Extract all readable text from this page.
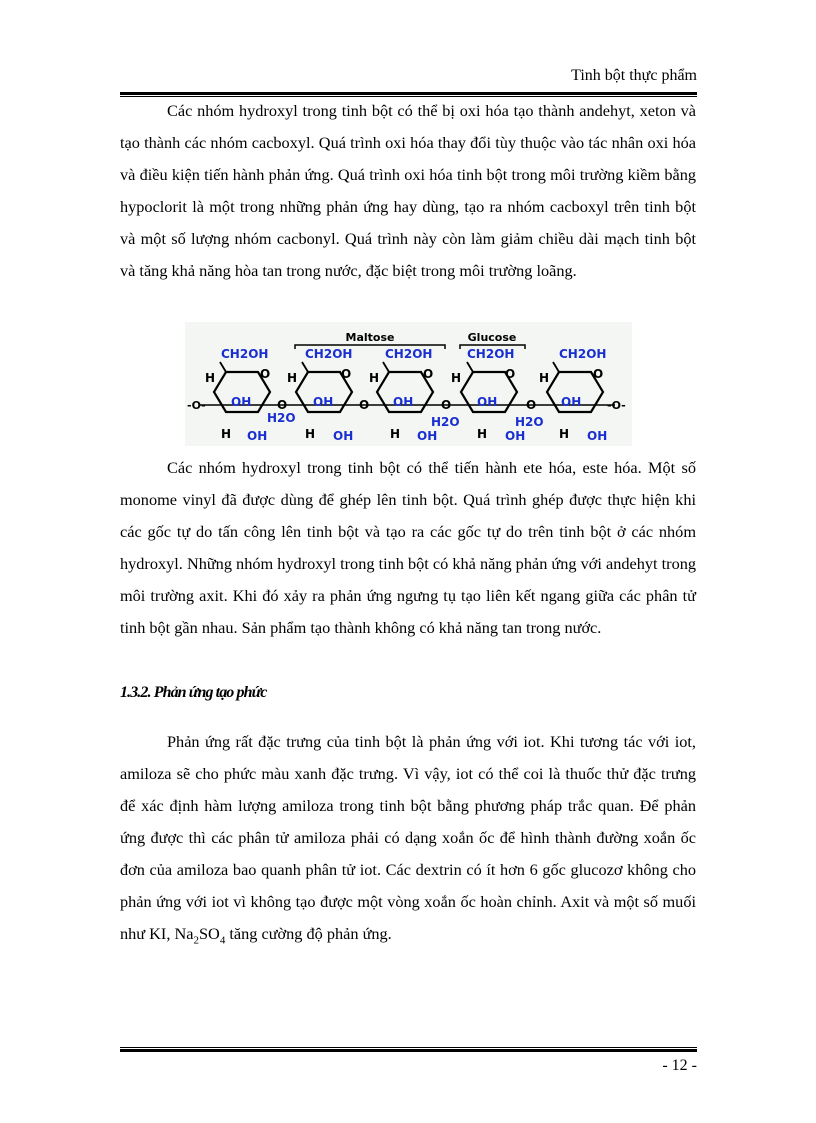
Tinh bột thực phẩm

Các nhóm hydroxyl trong tinh bột có thể bị oxi hóa tạo thành andehyt, xeton và tạo thành các nhóm cacboxyl. Quá trình oxi hóa thay đổi tùy thuộc vào tác nhân oxi hóa và điều kiện tiến hành phản ứng. Quá trình oxi hóa tinh bột trong môi trường kiềm bằng hypoclorit là một trong những phản ứng hay dùng, tạo ra nhóm cacboxyl trên tinh bột và một số lượng nhóm cacbonyl. Quá trình này còn làm giảm chiều dài mạch tinh bột và tăng khả năng hòa tan trong nước, đặc biệt trong môi trường loãng.

Maltose	Glucose
-O-	-O-
CH2OH
H	O
OH
H OH
H2O
CH2OH
H	O
OH
H OH
CH2OH
H	O
OH
H OH
H2O
CH2OH
H	O
OH
H OH
H2O
CH2OH
H	O
OH
H OH
O	O	O	O

Các nhóm hydroxyl trong tinh bột có thể tiến hành ete hóa, este hóa. Một số monome vinyl đã được dùng để ghép lên tinh bột. Quá trình ghép được thực hiện khi các gốc tự do tấn công lên tinh bột và tạo ra các gốc tự do trên tinh bột ở các nhóm hydroxyl. Những nhóm hydroxyl trong tinh bột có khả năng phản ứng với andehyt trong môi trường axit. Khi đó xảy ra phản ứng ngưng tụ tạo liên kết ngang giữa các phân tử tinh bột gần nhau. Sản phẩm tạo thành không có khả năng tan trong nước.

1.3.2. Phản ứng tạo phức

Phản ứng rất đặc trưng của tinh bột là phản ứng với iot. Khi tương tác với iot, amiloza sẽ cho phức màu xanh đặc trưng. Vì vậy, iot có thể coi là thuốc thử đặc trưng để xác định hàm lượng amiloza trong tinh bột bằng phương pháp trắc quan. Để phản ứng được thì các phân tử amiloza phải có dạng xoắn ốc để hình thành đường xoắn ốc đơn của amiloza bao quanh phân tử iot. Các dextrin có ít hơn 6 gốc glucozơ không cho phản ứng với iot vì không tạo được một vòng xoắn ốc hoàn chỉnh. Axit và một số muối như KI, $Na_2SO_4$ tăng cường độ phản ứng.

- 12 -
